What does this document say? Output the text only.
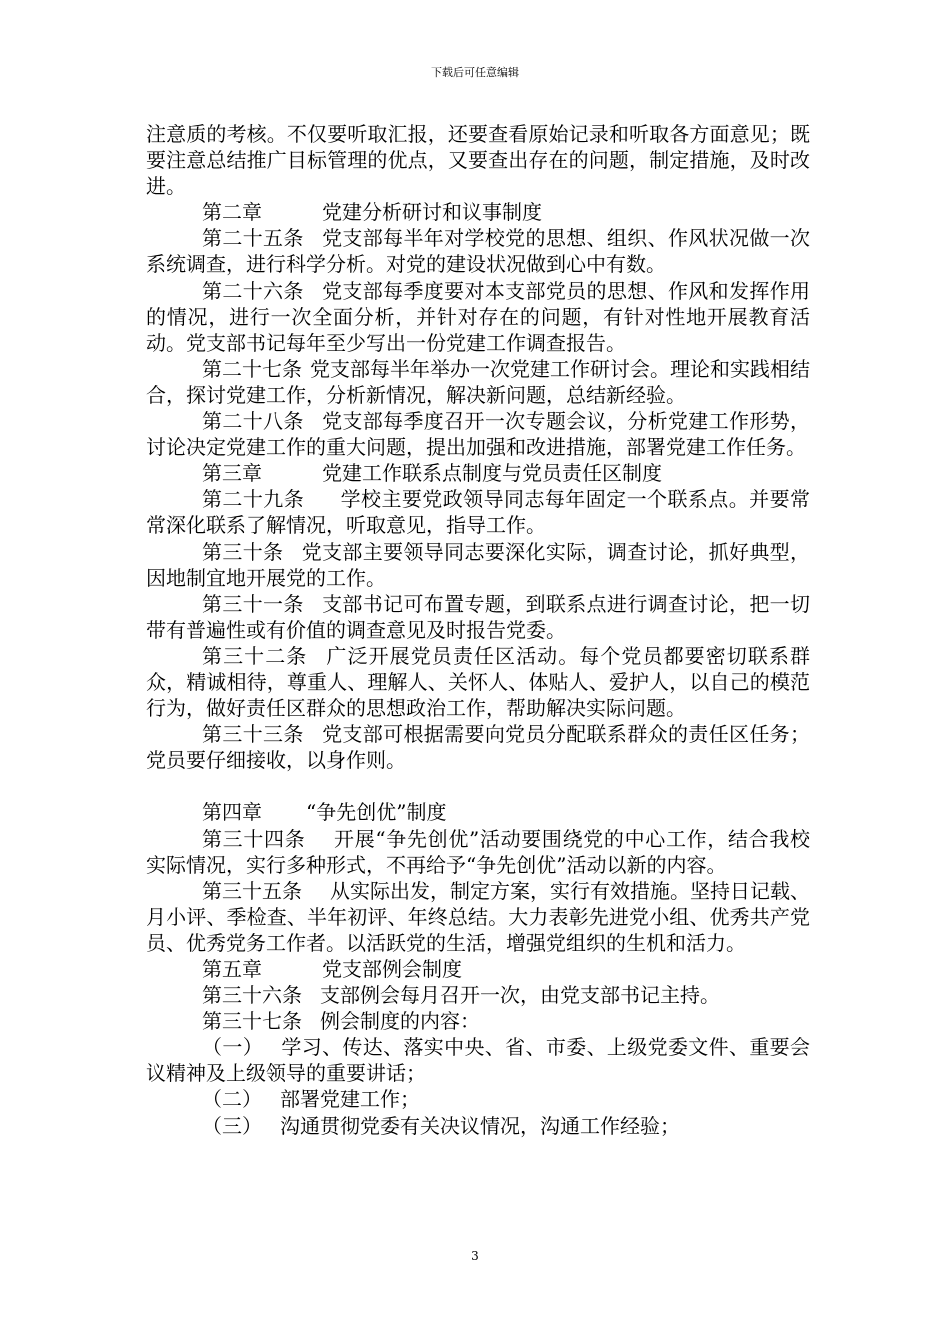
下载后可任意编辑

注意质的考核。不仅要听取汇报，还要查看原始记录和听取各方面意见；既要注意总结推广目标管理的优点，又要查出存在的问题，制定措施，及时改进。

第二章	党建分析研讨和议事制度

第二十五条 党支部每半年对学校党的思想、组织、作风状况做一次系统调查，进行科学分析。对党的建设状况做到心中有数。

第二十六条 党支部每季度要对本支部党员的思想、作风和发挥作用的情况，进行一次全面分析，并针对存在的问题，有针对性地开展教育活动。党支部书记每年至少写出一份党建工作调查报告。

第二十七条 党支部每半年举办一次党建工作研讨会。理论和实践相结合，探讨党建工作，分析新情况，解决新问题，总结新经验。

第二十八条 党支部每季度召开一次专题会议，分析党建工作形势，讨论决定党建工作的重大问题，提出加强和改进措施，部署党建工作任务。

第三章	党建工作联系点制度与党员责任区制度

第二十九条 学校主要党政领导同志每年固定一个联系点。并要常常深化联系了解情况，听取意见，指导工作。

第三十条 党支部主要领导同志要深化实际，调查讨论，抓好典型，因地制宜地开展党的工作。

第三十一条 支部书记可布置专题，到联系点进行调查讨论，把一切带有普遍性或有价值的调查意见及时报告党委。

第三十二条 广泛开展党员责任区活动。每个党员都要密切联系群众，精诚相待，尊重人、理解人、关怀人、体贴人、爱护人，以自己的模范行为，做好责任区群众的思想政治工作，帮助解决实际问题。

第三十三条 党支部可根据需要向党员分配联系群众的责任区任务；党员要仔细接收，以身作则。

第四章 “争先创优”制度

第三十四条 开展“争先创优”活动要围绕党的中心工作，结合我校实际情况，实行多种形式，不再给予“争先创优”活动以新的内容。

第三十五条 从实际出发，制定方案，实行有效措施。坚持日记载、月小评、季检查、半年初评、年终总结。大力表彰先进党小组、优秀共产党员、优秀党务工作者。以活跃党的生活，增强党组织的生机和活力。

第五章	党支部例会制度

第三十六条 支部例会每月召开一次，由党支部书记主持。

第三十七条 例会制度的内容：

（一） 学习、传达、落实中央、省、市委、上级党委文件、重要会议精神及上级领导的重要讲话；

（二） 部署党建工作；

（三） 沟通贯彻党委有关决议情况，沟通工作经验；

3
